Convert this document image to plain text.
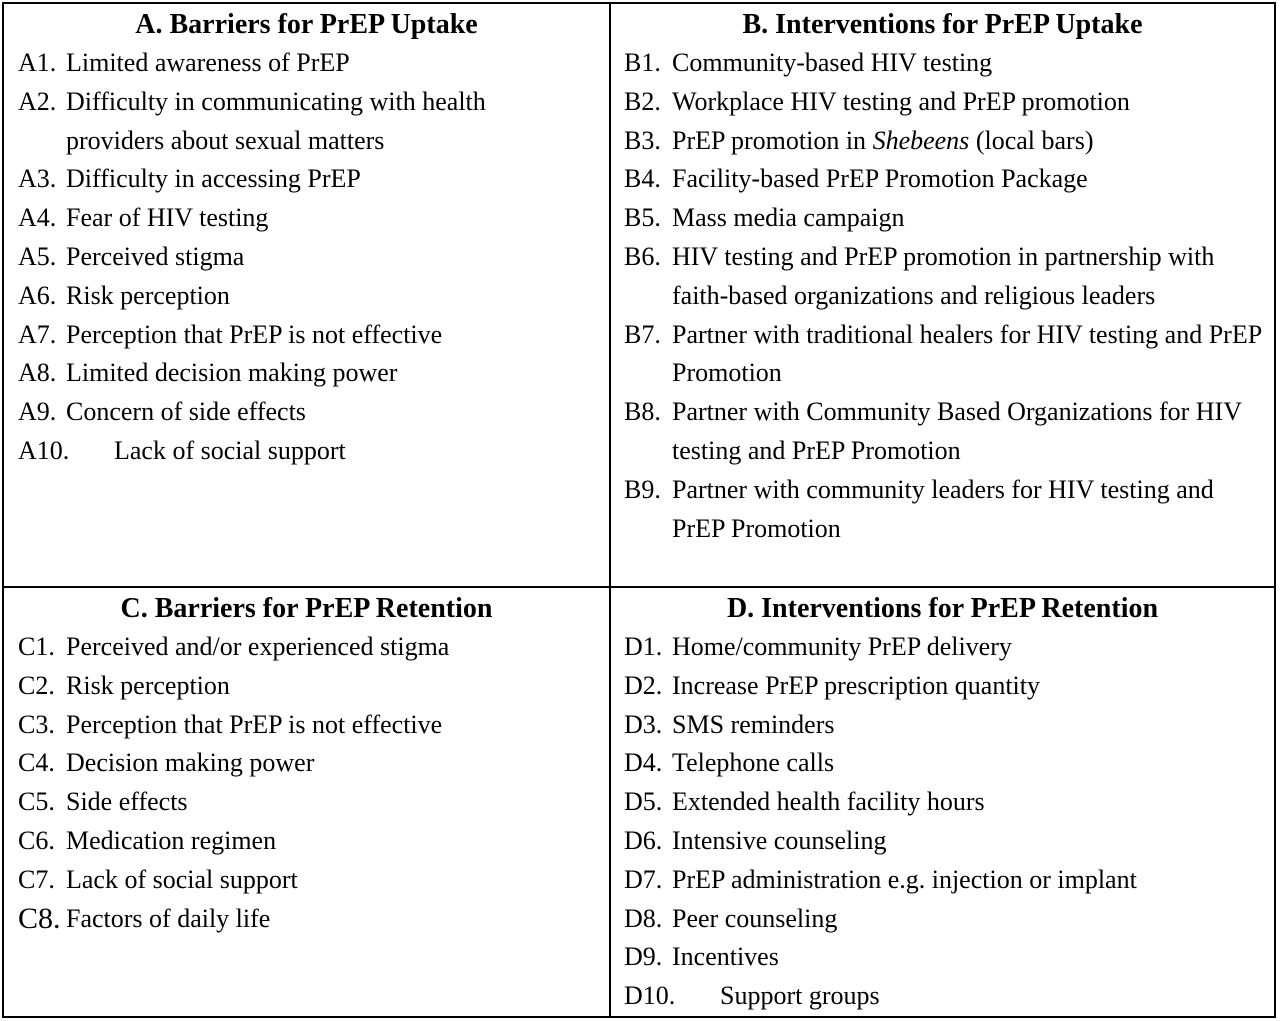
A. Barriers for PrEP Uptake
A1. Limited awareness of PrEP
A2. Difficulty in communicating with health providers about sexual matters
A3. Difficulty in accessing PrEP
A4. Fear of HIV testing
A5. Perceived stigma
A6. Risk perception
A7. Perception that PrEP is not effective
A8. Limited decision making power
A9. Concern of side effects
A10.	Lack of social support
B. Interventions for PrEP Uptake
B1. Community-based HIV testing
B2. Workplace HIV testing and PrEP promotion
B3. PrEP promotion in Shebeens (local bars)
B4. Facility-based PrEP Promotion Package
B5. Mass media campaign
B6. HIV testing and PrEP promotion in partnership with faith-based organizations and religious leaders
B7. Partner with traditional healers for HIV testing and PrEP Promotion
B8. Partner with Community Based Organizations for HIV testing and PrEP Promotion
B9. Partner with community leaders for HIV testing and PrEP Promotion
C. Barriers for PrEP Retention
C1. Perceived and/or experienced stigma
C2. Risk perception
C3. Perception that PrEP is not effective
C4. Decision making power
C5. Side effects
C6. Medication regimen
C7. Lack of social support
C8. Factors of daily life
D. Interventions for PrEP Retention
D1. Home/community PrEP delivery
D2. Increase PrEP prescription quantity
D3. SMS reminders
D4. Telephone calls
D5. Extended health facility hours
D6. Intensive counseling
D7. PrEP administration e.g. injection or implant
D8. Peer counseling
D9. Incentives
D10.	Support groups
